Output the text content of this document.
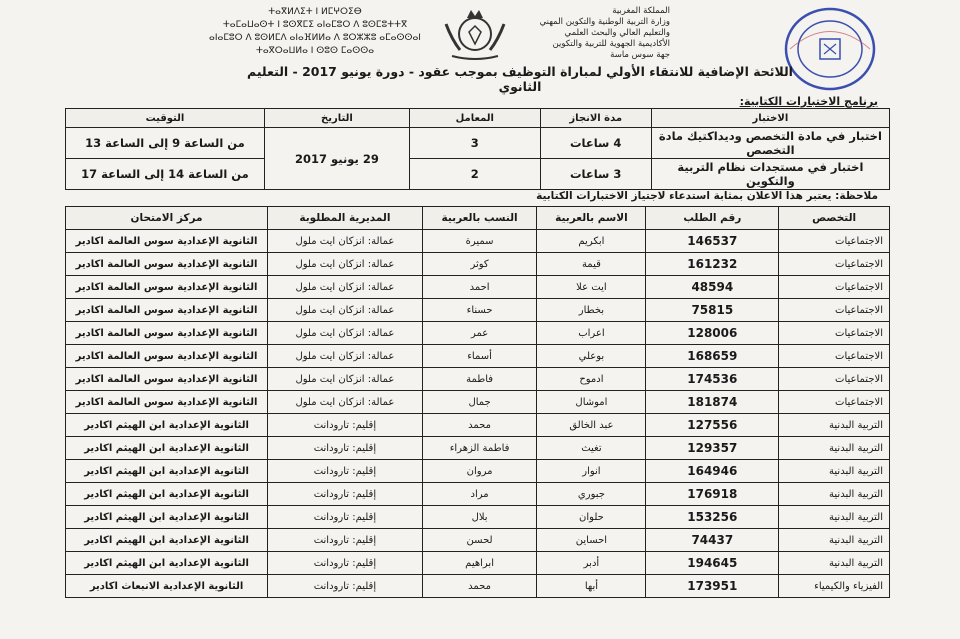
ⵜⴰⴳⵍⴷⵉⵜ ⵏ ⵍⵎⵖⵔⵉⴱ
ⵜⴰⵎⴰⵡⴰⵙⵜ ⵏ ⵓⵙⴳⵎⵉ ⴰⵏⴰⵎⵓⵔ ⴷ ⵓⵙⵎⵓⵜⵜⴳ
ⴰⵏⴰⵎⵓⵔ ⴷ ⵓⵙⵍⵎⴷ ⴰⵏⴰⴼⵍⵍⴰ ⴷ ⵓⵔⵣⵣⵓ ⴰⵎⴰⵙⵙⴰⵏ
ⵜⴰⴳⵔⴰⵡⵍⴰ ⵏ ⵙⵓⵙ ⵎⴰⵙⵙⴰ
المملكة المغربية
وزارة التربية الوطنية والتكوين المهني
والتعليم العالي والبحث العلمي
الأكاديمية الجهوية للتربية والتكوين
جهة سوس ماسة
اللائحة الإضافية للانتقاء الأولي لمباراة التوظيف بموجب عقود - دورة يونيو 2017 - التعليم الثانوي
برنامج الاختبارات الكتابية:
الاختبار	مدة الانجاز	المعامل	التاريخ	التوقيت
اختبار في مادة التخصص وديداكتيك مادة التخصص	4 ساعات	3	29 يونيو 2017	من الساعة 9 إلى الساعة 13
اختبار في مستجدات نظام التربية والتكوين	3 ساعات	2		من الساعة 14 إلى الساعة 17
ملاحظة: يعتبر هذا الاعلان بمثابة استدعاء لاجتياز الاختبارات الكتابية
التخصص	رقم الطلب	الاسم بالعربية	النسب بالعربية	المديرية المطلوبة	مركز الامتحان
الاجتماعيات	146537	ابكريم	سميرة	عمالة: انزكان ايت ملول	الثانوية الإعدادية سوس العالمة اكادير
الاجتماعيات	161232	قيمة	كوثر	عمالة: انزكان ايت ملول	الثانوية الإعدادية سوس العالمة اكادير
الاجتماعيات	48594	ايت علا	احمد	عمالة: انزكان ايت ملول	الثانوية الإعدادية سوس العالمة اكادير
الاجتماعيات	75815	بخطار	حسناء	عمالة: انزكان ايت ملول	الثانوية الإعدادية سوس العالمة اكادير
الاجتماعيات	128006	اعراب	عمر	عمالة: انزكان ايت ملول	الثانوية الإعدادية سوس العالمة اكادير
الاجتماعيات	168659	بوعلي	أسماء	عمالة: انزكان ايت ملول	الثانوية الإعدادية سوس العالمة اكادير
الاجتماعيات	174536	ادموح	فاطمة	عمالة: انزكان ايت ملول	الثانوية الإعدادية سوس العالمة اكادير
الاجتماعيات	181874	اموشال	جمال	عمالة: انزكان ايت ملول	الثانوية الإعدادية سوس العالمة اكادير
التربية البدنية	127556	عبد الخالق	محمد	إقليم: تارودانت	الثانوية الإعدادية ابن الهيثم اكادير
التربية البدنية	129357	تغيث	فاطمة الزهراء	إقليم: تارودانت	الثانوية الإعدادية ابن الهيثم اكادير
التربية البدنية	164946	انوار	مروان	إقليم: تارودانت	الثانوية الإعدادية ابن الهيثم اكادير
التربية البدنية	176918	جبوري	مراد	إقليم: تارودانت	الثانوية الإعدادية ابن الهيثم اكادير
التربية البدنية	153256	حلوان	بلال	إقليم: تارودانت	الثانوية الإعدادية ابن الهيثم اكادير
التربية البدنية	74437	احساين	لحسن	إقليم: تارودانت	الثانوية الإعدادية ابن الهيثم اكادير
التربية البدنية	194645	أدبر	ابراهيم	إقليم: تارودانت	الثانوية الإعدادية ابن الهيثم اكادير
الفيزياء والكيمياء	173951	أبها	محمد	إقليم: تارودانت	الثانوية الإعدادية الانبعاث اكادير
